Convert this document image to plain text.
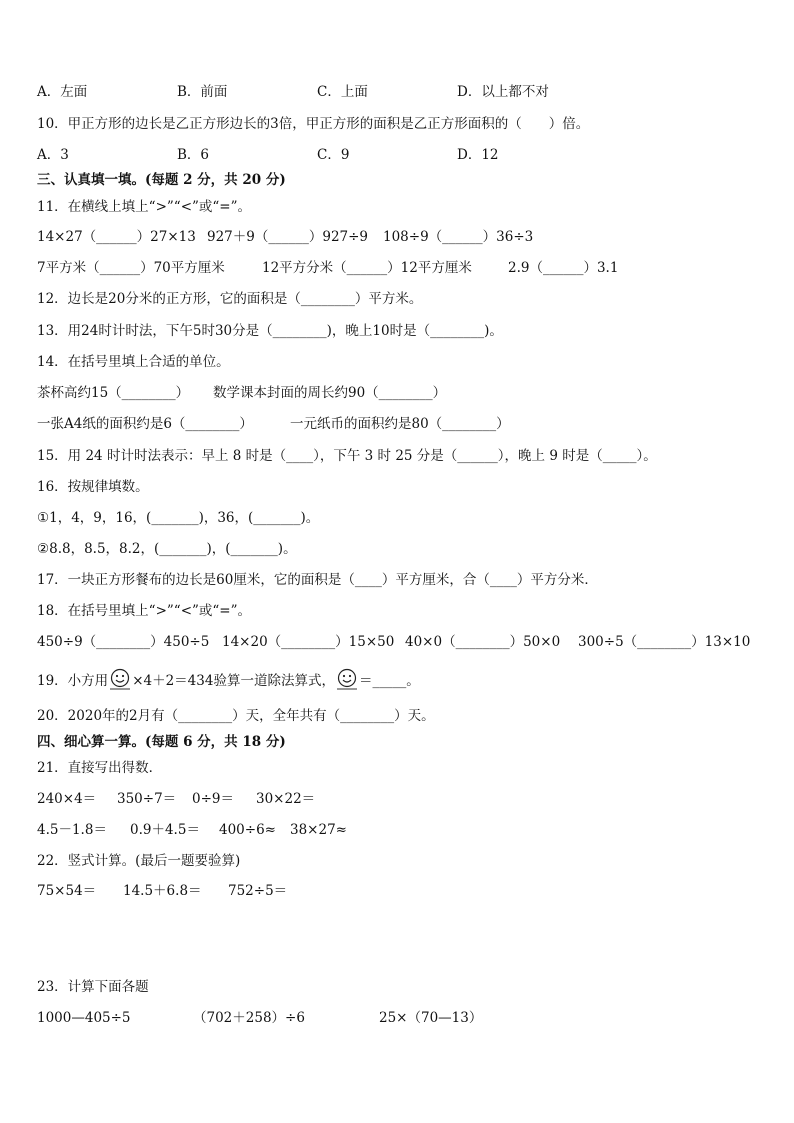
A．左面	B．前面	C．上面	D．以上都不对
10．甲正方形的边长是乙正方形边长的3倍，甲正方形的面积是乙正方形面积的（　　）倍。
A．3	B．6	C．9	D．12
三、认真填一填。(每题 2 分，共 20 分)
11．在横线上填上“>”“<”或“=”。
14×27（______）27×13 927＋9（______）927÷9 108÷9（______）36÷3
7平方米（______）70平方厘米	12平方分米（______）12平方厘米	2.9（______）3.1
12．边长是20分米的正方形，它的面积是（________）平方米。
13．用24时计时法，下午5时30分是（________)，晚上10时是（________)。
14．在括号里填上合适的单位。
茶杯高约15（________） 数学课本封面的周长约90（________）
一张A4纸的面积约是6（________）	一元纸币的面积约是80（________）
15．用 24 时计时法表示：早上 8 时是（____），下午 3 时 25 分是（______），晚上 9 时是（_____）。
16．按规律填数。
①1，4，9，16，(_______)，36，(_______)。
②8.8，8.5，8.2，(_______)，(_______)。
17．一块正方形餐布的边长是60厘米，它的面积是（____）平方厘米，合（____）平方分米．
18．在括号里填上“>”“<”或“=”。
450÷9（________）450÷5 14×20（________）15×50 40×0（________）50×0 300÷5（________）13×10
19．小方用 ×4＋2＝434验算一道除法算式， ＝_____。
20．2020年的2月有（________）天，全年共有（________）天。
四、细心算一算。(每题 6 分，共 18 分)
21．直接写出得数．
240×4＝ 350÷7＝ 0÷9＝ 30×22＝
4.5－1.8＝ 0.9＋4.5＝ 400÷6≈ 38×27≈
22．竖式计算。(最后一题要验算)
75×54＝ 14.5＋6.8＝ 752÷5＝
23．计算下面各题
1000—405÷5	（702＋258）÷6	25×（70—13）
